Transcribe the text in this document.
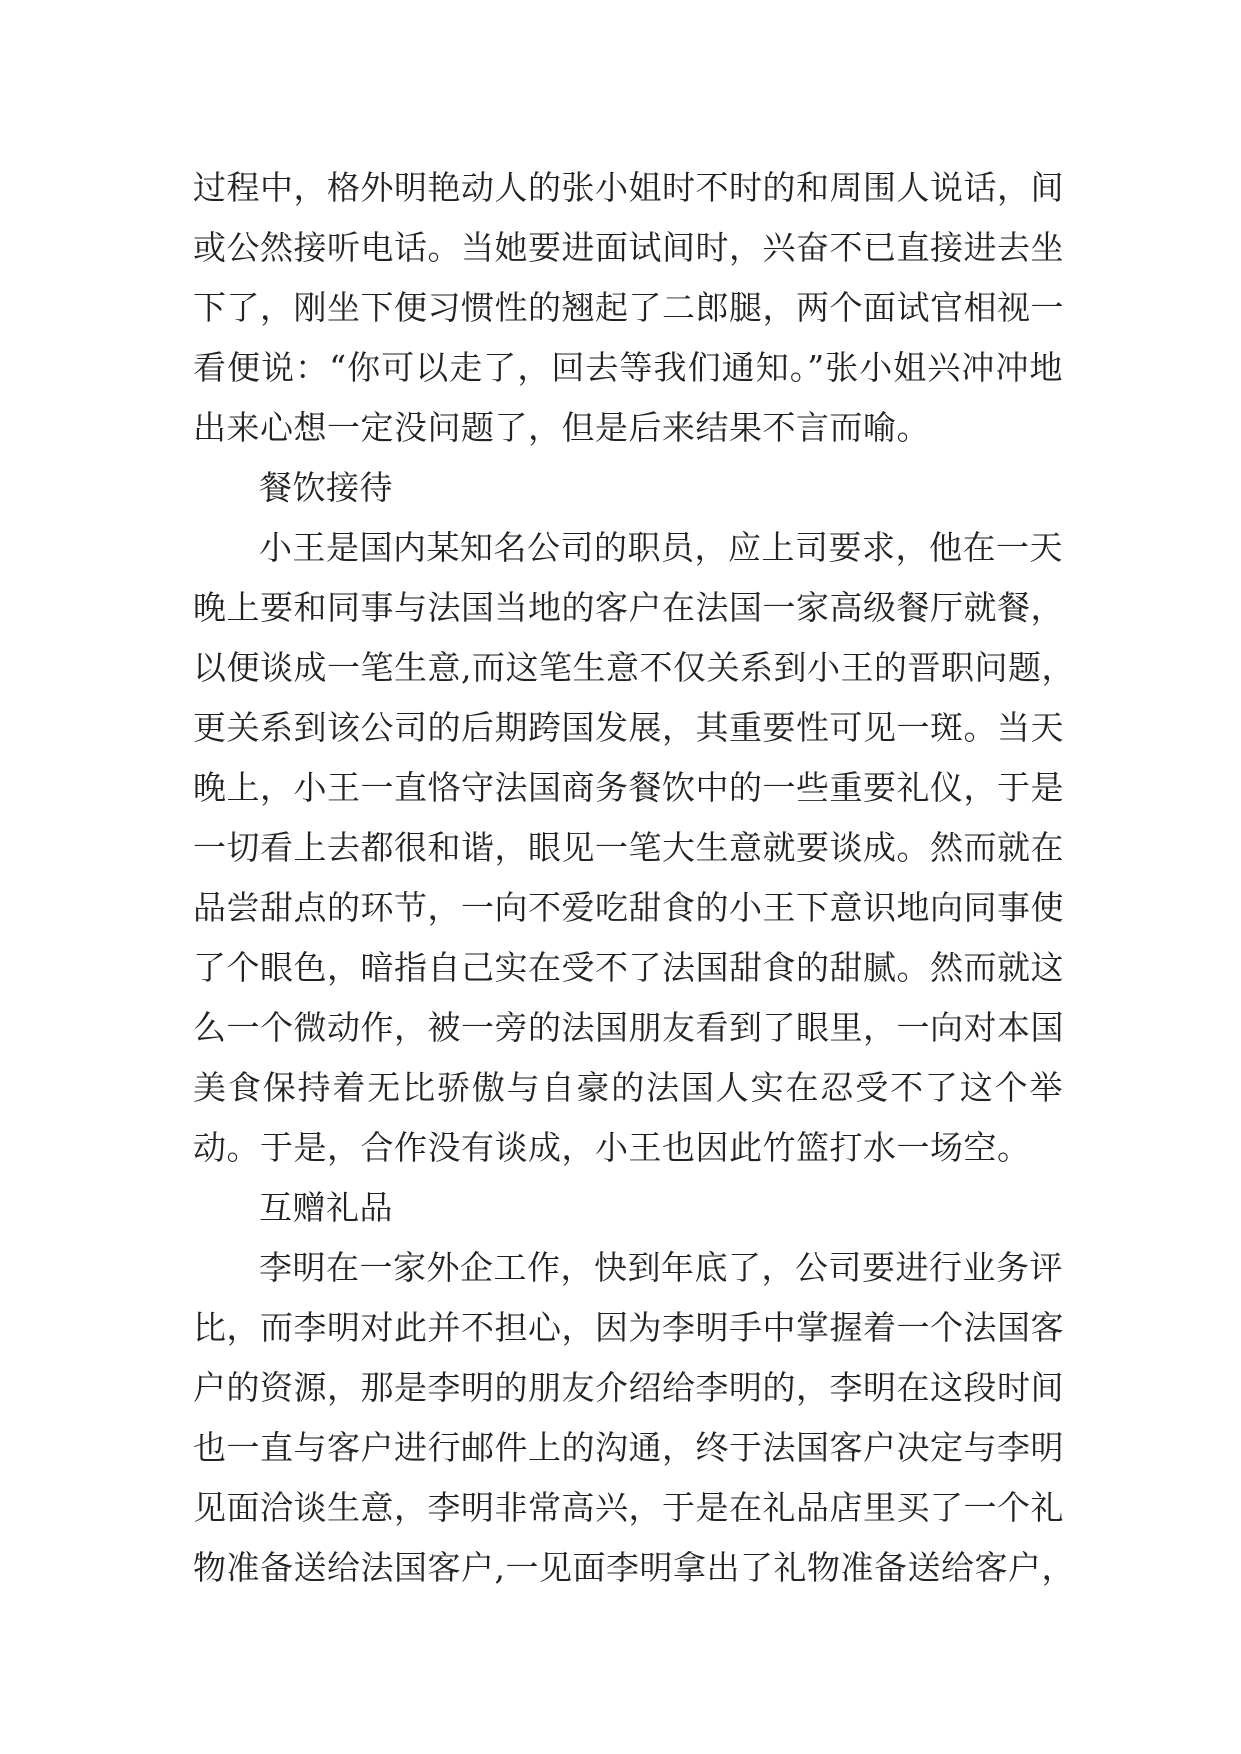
过程中，格外明艳动人的张小姐时不时的和周围人说话，间
或公然接听电话。当她要进面试间时，兴奋不已直接进去坐
下了，刚坐下便习惯性的翘起了二郎腿，两个面试官相视一
看便说：“你可以走了，回去等我们通知。”张小姐兴冲冲地
出来心想一定没问题了，但是后来结果不言而喻。
餐饮接待
小王是国内某知名公司的职员，应上司要求，他在一天
晚上要和同事与法国当地的客户在法国一家高级餐厅就餐，
以便谈成一笔生意,而这笔生意不仅关系到小王的晋职问题，
更关系到该公司的后期跨国发展，其重要性可见一斑。当天
晚上，小王一直恪守法国商务餐饮中的一些重要礼仪，于是
一切看上去都很和谐，眼见一笔大生意就要谈成。然而就在
品尝甜点的环节，一向不爱吃甜食的小王下意识地向同事使
了个眼色，暗指自己实在受不了法国甜食的甜腻。然而就这
么一个微动作，被一旁的法国朋友看到了眼里，一向对本国
美食保持着无比骄傲与自豪的法国人实在忍受不了这个举
动。于是，合作没有谈成，小王也因此竹篮打水一场空。
互赠礼品
李明在一家外企工作，快到年底了，公司要进行业务评
比，而李明对此并不担心，因为李明手中掌握着一个法国客
户的资源，那是李明的朋友介绍给李明的，李明在这段时间
也一直与客户进行邮件上的沟通，终于法国客户决定与李明
见面洽谈生意，李明非常高兴，于是在礼品店里买了一个礼
物准备送给法国客户,一见面李明拿出了礼物准备送给客户，
